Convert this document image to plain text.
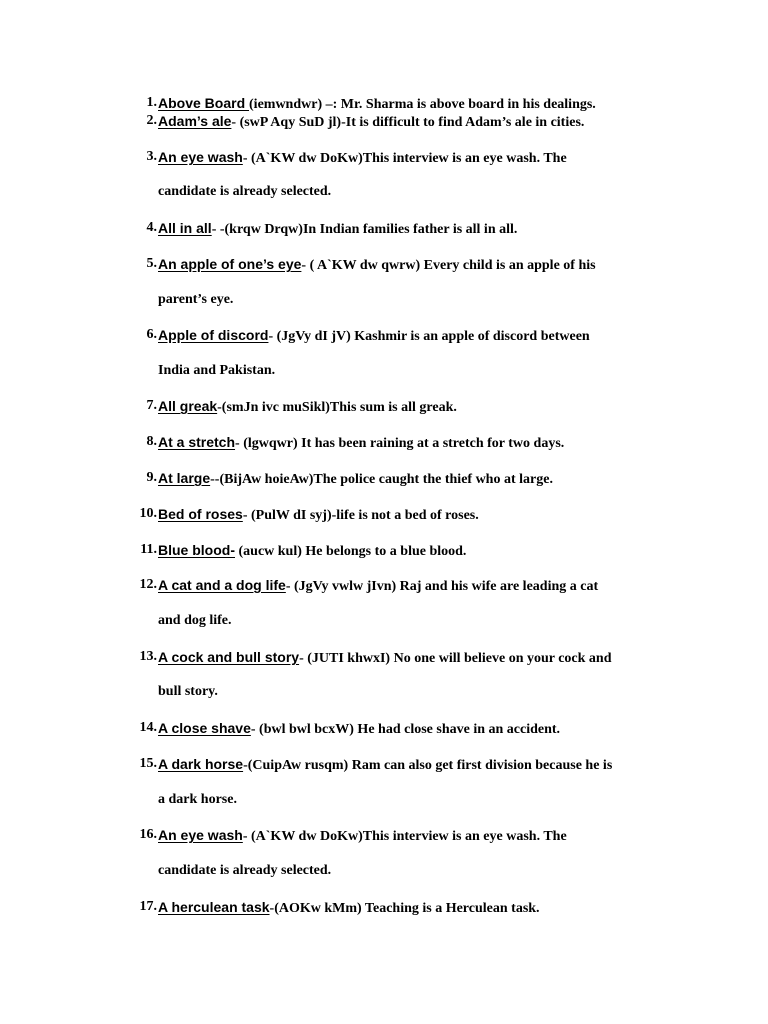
1. Above Board (iemwndwr) –: Mr. Sharma is above board in his dealings.
2. Adam’s ale- (swP Aqy SuD jl)-It is difficult to find Adam’s ale in cities.
3. An eye wash- (A`KW dw DoKw)This interview is an eye wash. The
candidate is already selected.
4. All in all- -(krqw Drqw)In Indian families father is all in all.
5. An apple of one’s eye- ( A`KW dw qwrw) Every child is an apple of his
parent’s eye.
6. Apple of discord- (JgVy dI jV) Kashmir is an apple of discord between
India and Pakistan.
7. All greak-(smJn ivc muSikl)This sum is all greak.
8. At a stretch- (lgwqwr) It has been raining at a stretch for two days.
9. At large--(BijAw hoieAw)The police caught the thief who at large.
10. Bed of roses- (PulW dI syj)-life is not a bed of roses.
11. Blue blood- (aucw kul) He belongs to a blue blood.
12. A cat and a dog life- (JgVy vwlw jIvn) Raj and his wife are leading a cat
and dog life.
13. A cock and bull story- (JUTI khwxI) No one will believe on your cock and
bull story.
14. A close shave- (bwl bwl bcxW) He had close shave in an accident.
15. A dark horse-(CuipAw rusqm) Ram can also get first division because he is
a dark horse.
16. An eye wash- (A`KW dw DoKw)This interview is an eye wash. The
candidate is already selected.
17. A herculean task-(AOKw kMm) Teaching is a Herculean task.
